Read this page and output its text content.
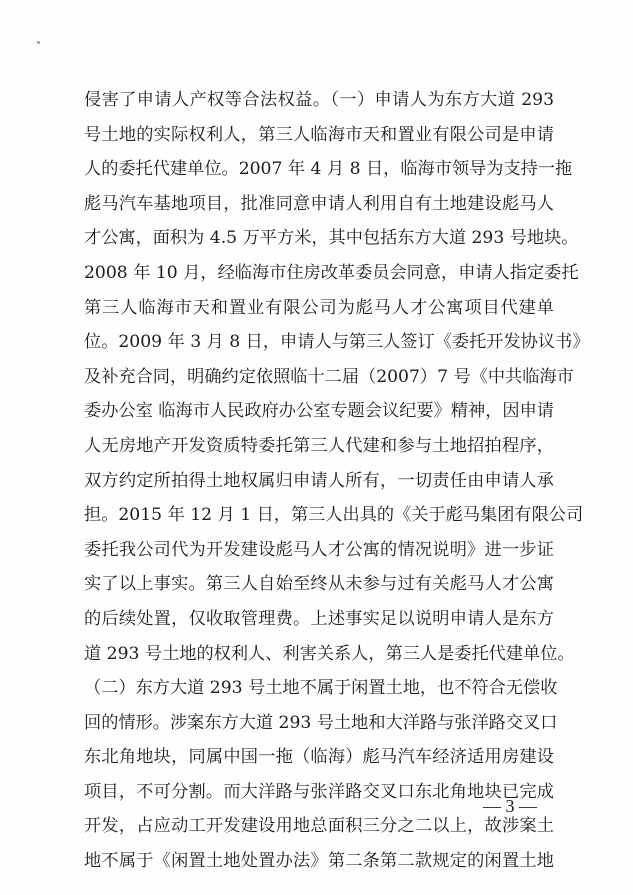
侵害了申请人产权等合法权益。（一）申请人为东方大道 293
号土地的实际权利人，第三人临海市天和置业有限公司是申请
人的委托代建单位。2007 年 4 月 8 日，临海市领导为支持一拖
彪马汽车基地项目，批准同意申请人利用自有土地建设彪马人
才公寓，面积为 4.5 万平方米，其中包括东方大道 293 号地块。
2008 年 10 月，经临海市住房改革委员会同意，申请人指定委托
第三人临海市天和置业有限公司为彪马人才公寓项目代建单
位。2009 年 3 月 8 日，申请人与第三人签订《委托开发协议书》
及补充合同，明确约定依照临十二届（2007）7 号《中共临海市
委办公室 临海市人民政府办公室专题会议纪要》精神，因申请
人无房地产开发资质特委托第三人代建和参与土地招拍程序，
双方约定所拍得土地权属归申请人所有，一切责任由申请人承
担。2015 年 12 月 1 日，第三人出具的《关于彪马集团有限公司
委托我公司代为开发建设彪马人才公寓的情况说明》进一步证
实了以上事实。第三人自始至终从未参与过有关彪马人才公寓
的后续处置，仅收取管理费。上述事实足以说明申请人是东方
道 293 号土地的权利人、利害关系人，第三人是委托代建单位。
（二）东方大道 293 号土地不属于闲置土地，也不符合无偿收
回的情形。涉案东方大道 293 号土地和大洋路与张洋路交叉口
东北角地块，同属中国一拖（临海）彪马汽车经济适用房建设
项目，不可分割。而大洋路与张洋路交叉口东北角地块已完成
开发，占应动工开发建设用地总面积三分之二以上，故涉案土
地不属于《闲置土地处置办法》第二条第二款规定的闲置土地
— 3 —
